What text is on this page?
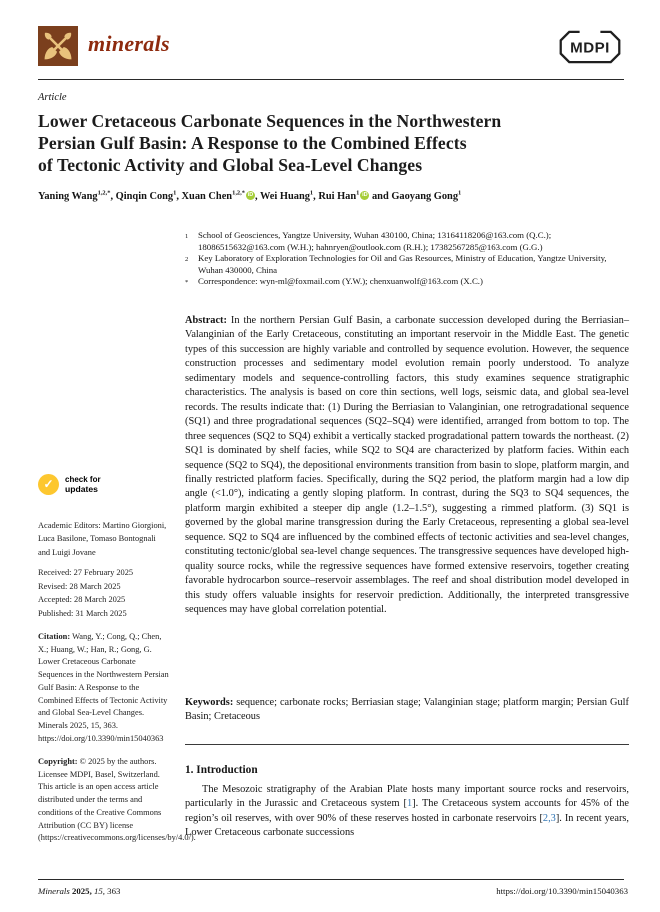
minerals	MDPI
Article
Lower Cretaceous Carbonate Sequences in the Northwestern
Persian Gulf Basin: A Response to the Combined Effects
of Tectonic Activity and Global Sea-Level Changes
Yaning Wang$^{1,2,*}$, Qinqin Cong$^1$, Xuan Chen$^{1,2,*}$ iD , Wei Huang$^1$, Rui Han$^1$ iD and Gaoyang Gong$^1$
1	School of Geosciences, Yangtze University, Wuhan 430100, China; 13164118206@163.com (Q.C.); 18086515632@163.com (W.H.); hahnryen@outlook.com (R.H.); 17382567285@163.com (G.G.)
2	Key Laboratory of Exploration Technologies for Oil and Gas Resources, Ministry of Education, Yangtze University, Wuhan 430000, China
*	Correspondence: wyn-ml@foxmail.com (Y.W.); chenxuanwolf@163.com (X.C.)
Abstract: In the northern Persian Gulf Basin, a carbonate succession developed during the Berriasian–Valanginian of the Early Cretaceous, constituting an important reservoir in the Middle East. The genetic types of this succession are highly variable and controlled by sequence evolution. However, the sequence construction processes and sedimentary model evolution remain poorly understood. To analyze sedimentary models and sequence-controlling factors, this study examines sequence stratigraphic characteristics. The analysis is based on core thin sections, well logs, seismic data, and global sea-level records. The results indicate that: (1) During the Berriasian to Valanginian, one retrogradational sequence (SQ1) and three progradational sequences (SQ2–SQ4) were identified, arranged from bottom to top. The three sequences (SQ2 to SQ4) exhibit a vertically stacked progradational pattern towards the northeast. (2) SQ1 is dominated by shelf facies, while SQ2 to SQ4 are characterized by platform facies. Within each sequence (SQ2 to SQ4), the depositional environments transition from basin to slope, platform margin, and finally restricted platform facies. Specifically, during the SQ2 period, the platform margin had a low dip angle (<1.0°), indicating a gently sloping platform. In contrast, during the SQ3 to SQ4 sequences, the platform margin exhibited a steeper dip angle (1.2–1.5°), suggesting a rimmed platform. (3) SQ1 is governed by the global marine transgression during the Early Cretaceous, representing a global sea-level sequence. SQ2 to SQ4 are influenced by the combined effects of tectonic activities and sea-level changes, constituting tectonic/global sea-level change sequences. The transgressive sequences have developed high-quality source rocks, while the regressive sequences have formed extensive reservoirs, together creating favorable hydrocarbon source–reservoir assemblages. The reef and shoal distribution model developed in this study offers valuable insights for reservoir prediction. Additionally, the interpreted transgressive sequences may have global correlation potential.
Keywords: sequence; carbonate rocks; Berriasian stage; Valanginian stage; platform margin; Persian Gulf Basin; Cretaceous
1. Introduction
The Mesozoic stratigraphy of the Arabian Plate hosts many important source rocks and reservoirs, particularly in the Jurassic and Cretaceous system [1]. The Cretaceous system accounts for 45% of the region’s oil reserves, with over 90% of these reserves hosted in carbonate reservoirs [2,3]. In recent years, Lower Cretaceous carbonate successions
✓	check for
updates
Academic Editors: Martino Giorgioni, Luca Basilone, Tomaso Bontognali and Luigi Jovane
Received: 27 February 2025
Revised: 28 March 2025
Accepted: 28 March 2025
Published: 31 March 2025
Citation: Wang, Y.; Cong, Q.; Chen, X.; Huang, W.; Han, R.; Gong, G. Lower Cretaceous Carbonate Sequences in the Northwestern Persian Gulf Basin: A Response to the Combined Effects of Tectonic Activity and Global Sea-Level Changes. Minerals 2025, 15, 363. https://doi.org/10.3390/min15040363
Copyright: © 2025 by the authors. Licensee MDPI, Basel, Switzerland. This article is an open access article distributed under the terms and conditions of the Creative Commons Attribution (CC BY) license (https://creativecommons.org/licenses/by/4.0/).
Minerals 2025, 15, 363	https://doi.org/10.3390/min15040363
